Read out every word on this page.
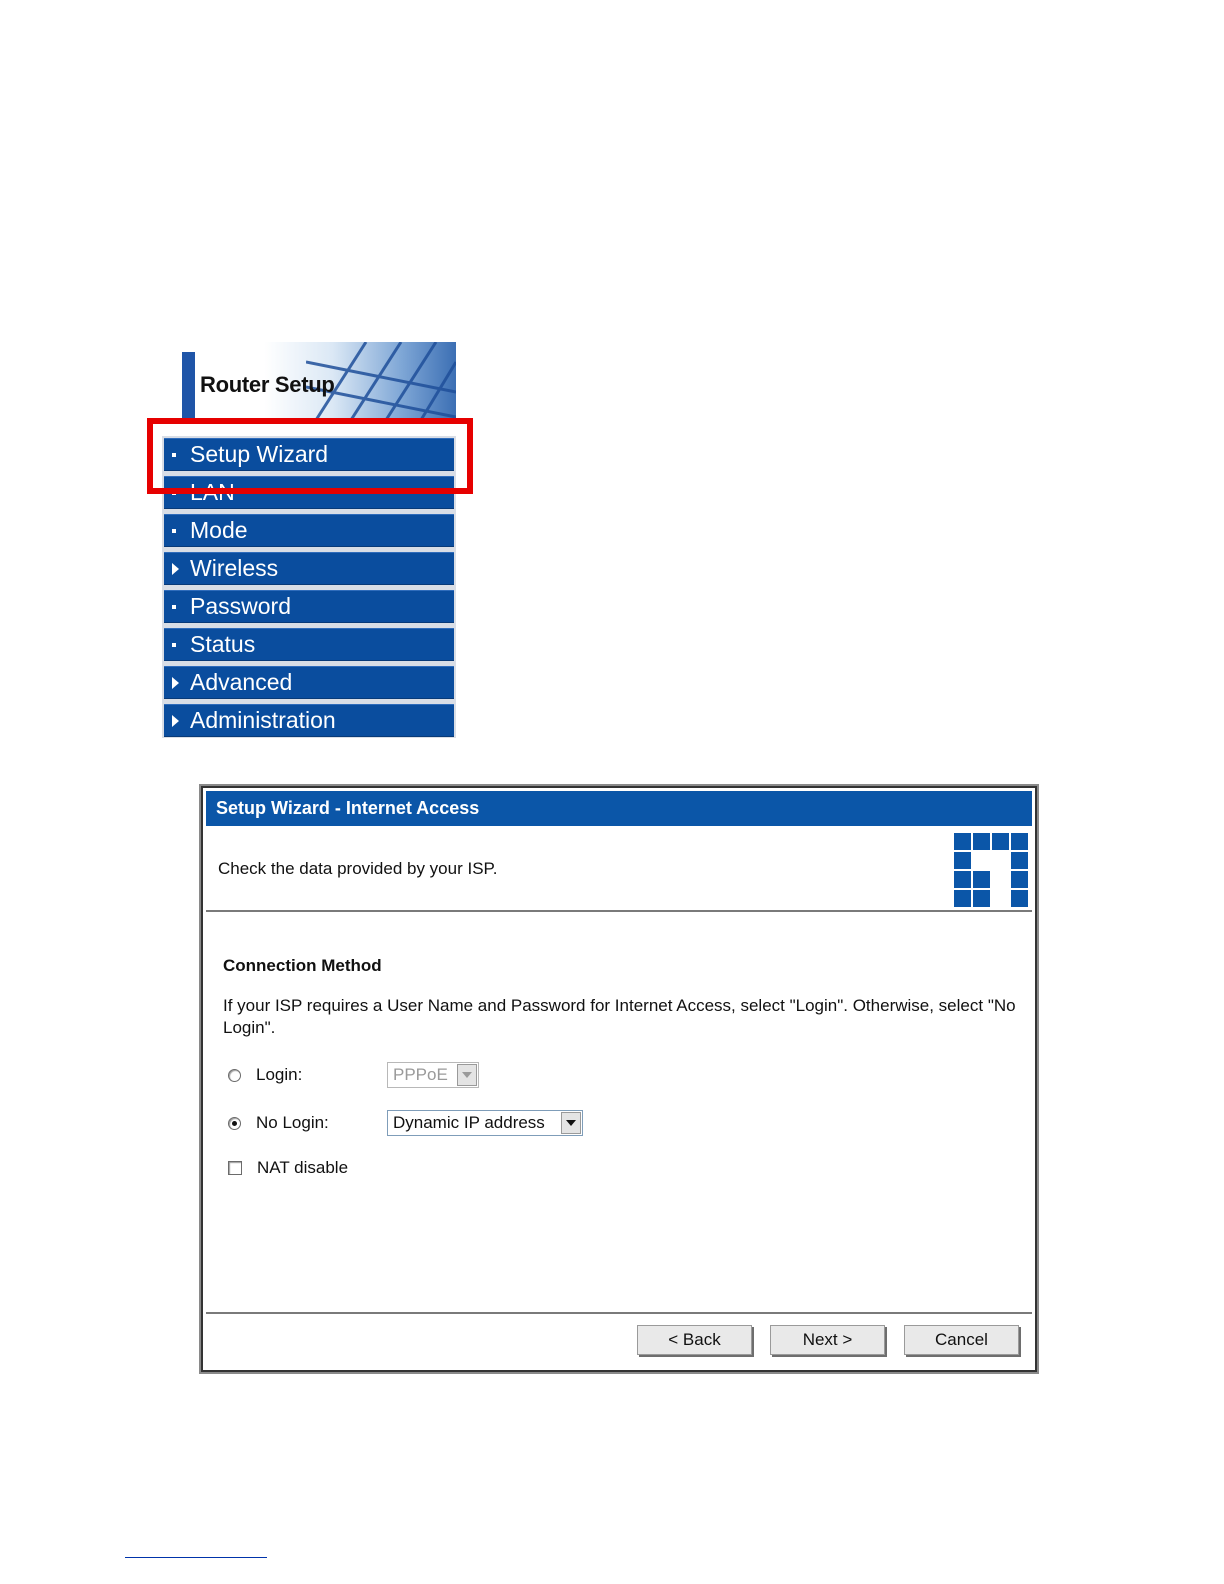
Router Setup
Setup Wizard
LAN
Mode
Wireless
Password
Status
Advanced
Administration
Setup Wizard - Internet Access
Check the data provided by your ISP.
Connection Method
If your ISP requires a User Name and Password for Internet Access, select "Login". Otherwise, select "No Login".
Login:	PPPoE
No Login:	Dynamic IP address
NAT disable
< Back	Next >	Cancel
